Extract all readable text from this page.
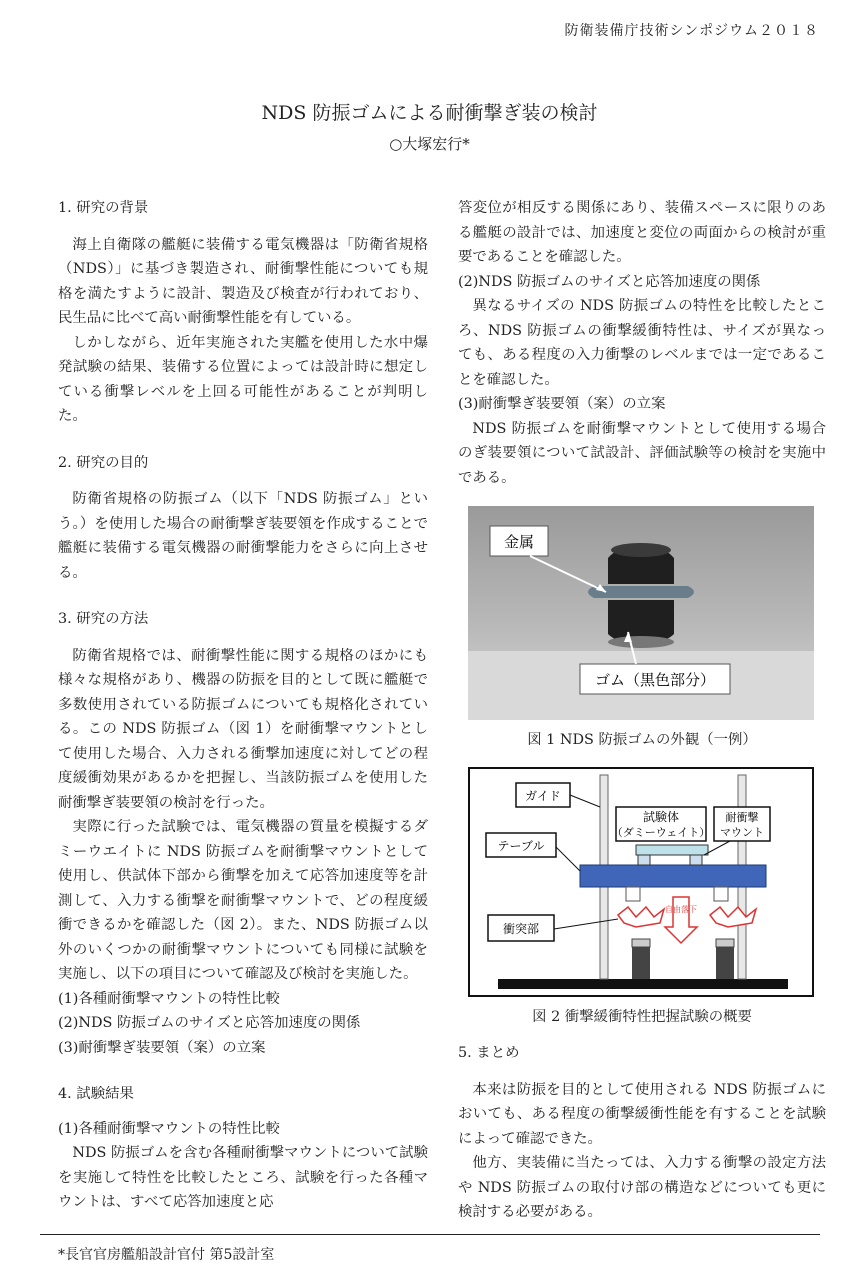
防衛装備庁技術シンポジウム２０１８
NDS 防振ゴムによる耐衝撃ぎ装の検討
○大塚宏行*

1. 研究の背景

海上自衛隊の艦艇に装備する電気機器は「防衛省規格（NDS）」に基づき製造され、耐衝撃性能についても規格を満たすように設計、製造及び検査が行われており、民生品に比べて高い耐衝撃性能を有している。

しかしながら、近年実施された実艦を使用した水中爆発試験の結果、装備する位置によっては設計時に想定している衝撃レベルを上回る可能性があることが判明した。

2. 研究の目的

防衛省規格の防振ゴム（以下「NDS 防振ゴム」という。）を使用した場合の耐衝撃ぎ装要領を作成することで艦艇に装備する電気機器の耐衝撃能力をさらに向上させる。

3. 研究の方法

防衛省規格では、耐衝撃性能に関する規格のほかにも様々な規格があり、機器の防振を目的として既に艦艇で多数使用されている防振ゴムについても規格化されている。この NDS 防振ゴム（図 1）を耐衝撃マウントとして使用した場合、入力される衝撃加速度に対してどの程度緩衝効果があるかを把握し、当該防振ゴムを使用した耐衝撃ぎ装要領の検討を行った。

実際に行った試験では、電気機器の質量を模擬するダミーウエイトに NDS 防振ゴムを耐衝撃マウントとして使用し、供試体下部から衝撃を加えて応答加速度等を計測して、入力する衝撃を耐衝撃マウントで、どの程度緩衝できるかを確認した（図 2）。また、NDS 防振ゴム以外のいくつかの耐衝撃マウントについても同様に試験を実施し、以下の項目について確認及び検討を実施した。

(1)各種耐衝撃マウントの特性比較

(2)NDS 防振ゴムのサイズと応答加速度の関係

(3)耐衝撃ぎ装要領（案）の立案

4. 試験結果

(1)各種耐衝撃マウントの特性比較

NDS 防振ゴムを含む各種耐衝撃マウントについて試験を実施して特性を比較したところ、試験を行った各種マウントは、すべて応答加速度と応

答変位が相反する関係にあり、装備スペースに限りのある艦艇の設計では、加速度と変位の両面からの検討が重要であることを確認した。

(2)NDS 防振ゴムのサイズと応答加速度の関係

異なるサイズの NDS 防振ゴムの特性を比較したところ、NDS 防振ゴムの衝撃緩衝特性は、サイズが異なっても、ある程度の入力衝撃のレベルまでは一定であることを確認した。

(3)耐衝撃ぎ装要領（案）の立案

NDS 防振ゴムを耐衝撃マウントとして使用する場合のぎ装要領について試設計、評価試験等の検討を実施中である。

金属
ゴム（黒色部分）

図 1 NDS 防振ゴムの外観（一例）

自由落下
ガイド
試験体
（ダミーウェイト）
耐衝撃
マウント
テーブル
衝突部

図 2 衝撃緩衝特性把握試験の概要

5. まとめ

本来は防振を目的として使用される NDS 防振ゴムにおいても、ある程度の衝撃緩衝性能を有することを試験によって確認できた。

他方、実装備に当たっては、入力する衝撃の設定方法や NDS 防振ゴムの取付け部の構造などについても更に検討する必要がある。

*長官官房艦船設計官付 第5設計室
